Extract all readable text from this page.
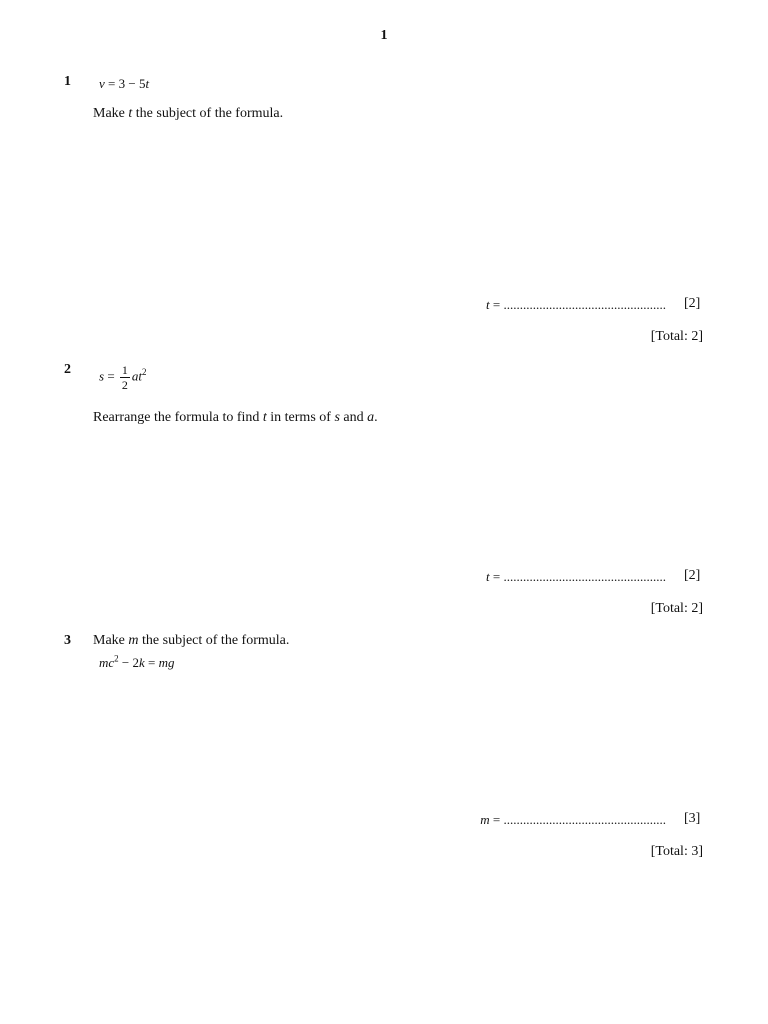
1
1 v = 3 − 5t
Make t the subject of the formula.
t = .................................................. [2]
[Total: 2]
2 $s = \frac{1}{2} at^2$
Rearrange the formula to find t in terms of s and a.
t = .................................................. [2]
[Total: 2]
3 Make m the subject of the formula.
$mc^2 - 2k$ = mg
m = .................................................. [3]
[Total: 3]
